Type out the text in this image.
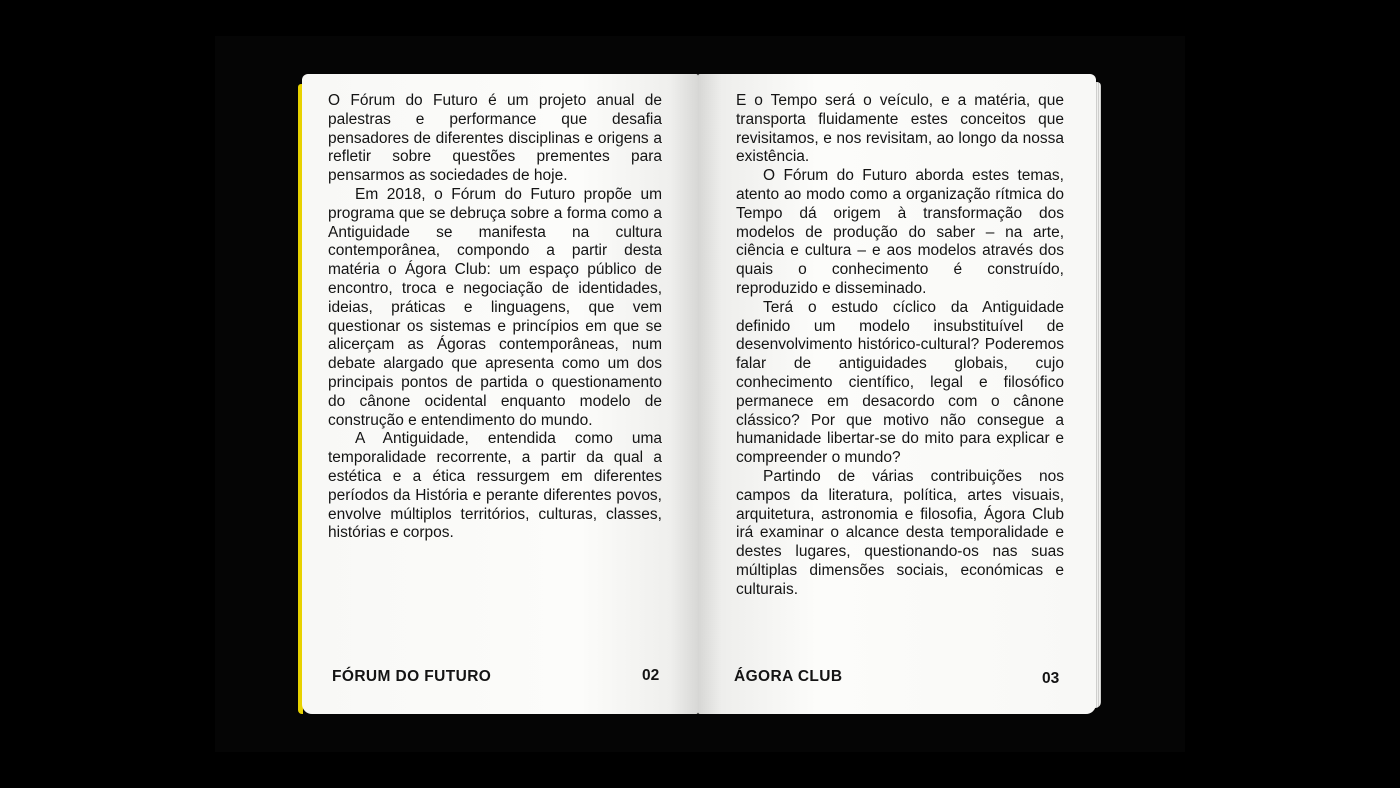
O Fórum do Futuro é um projeto anual de palestras e performance que desafia pensadores de diferentes disciplinas e origens a refletir sobre questões prementes para pensarmos as sociedades de hoje.

Em 2018, o Fórum do Futuro propõe um programa que se debruça sobre a forma como a Antiguidade se manifesta na cultura contemporânea, compondo a partir desta matéria o Ágora Club: um espaço público de encontro, troca e negociação de identidades, ideias, práticas e linguagens, que vem questionar os sistemas e princípios em que se alicerçam as Ágoras contemporâneas, num debate alargado que apresenta como um dos principais pontos de partida o questionamento do cânone ocidental enquanto modelo de construção e entendimento do mundo.

A Antiguidade, entendida como uma temporalidade recorrente, a partir da qual a estética e a ética ressurgem em diferentes períodos da História e perante diferentes povos, envolve múltiplos territórios, culturas, classes, histórias e corpos.

FÓRUM DO FUTURO	02

E o Tempo será o veículo, e a matéria, que transporta fluidamente estes conceitos que revisitamos, e nos revisitam, ao longo da nossa existência.

O Fórum do Futuro aborda estes temas, atento ao modo como a organização rítmica do Tempo dá origem à transformação dos modelos de produção do saber – na arte, ciência e cultura – e aos modelos através dos quais o conhecimento é construído, reproduzido e disseminado.

Terá o estudo cíclico da Antiguidade definido um modelo insubstituível de desenvolvimento histórico-cultural? Poderemos falar de antiguidades globais, cujo conhecimento científico, legal e filosófico permanece em desacordo com o cânone clássico? Por que motivo não consegue a humanidade libertar-se do mito para explicar e compreender o mundo?

Partindo de várias contribuições nos campos da literatura, política, artes visuais, arquitetura, astronomia e filosofia, Ágora Club irá examinar o alcance desta temporalidade e destes lugares, questionando-os nas suas múltiplas dimensões sociais, económicas e culturais.

ÁGORA CLUB	03
